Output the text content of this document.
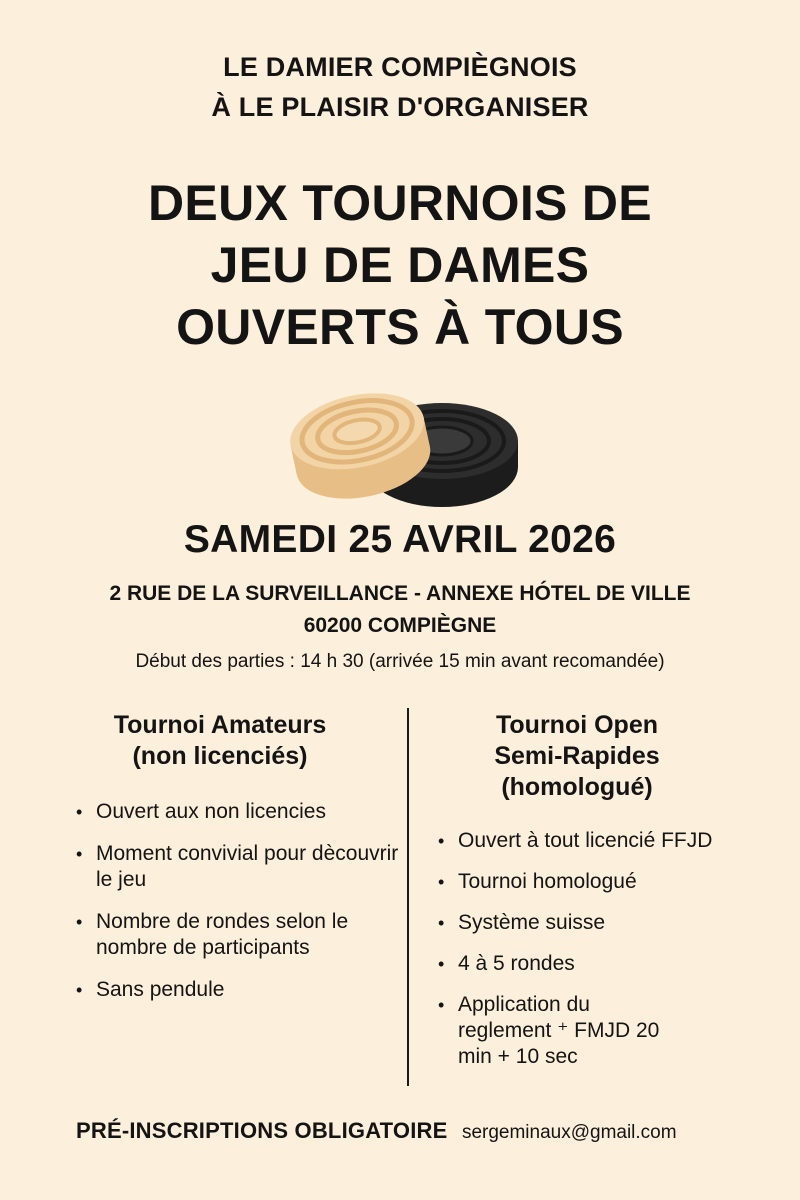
LE DAMIER COMPIÈGNOIS
À LE PLAISIR D'ORGANISER
DEUX TOURNOIS DE
JEU DE DAMES
OUVERTS À TOUS
SAMEDI 25 AVRIL 2026
2 RUE DE LA SURVEILLANCE - ANNEXE HÓTEL DE VILLE
60200 COMPIÈGNE
Début des parties : 14 h 30 (arrivée 15 min avant recomandée)
Tournoi Amateurs
(non licenciés)
• Ouvert aux non licencies
• Moment convivial pour dècouvrir le jeu
• Nombre de rondes selon le nombre de participants
• Sans pendule
Tournoi Open
Semi-Rapides
(homologué)
• Ouvert à tout licencié FFJD
• Tournoi homologué
• Système suisse
• 4 à 5 rondes
• Application du reglement ⁺ FMJD 20 min + 10 sec
PRÉ-INSCRIPTIONS OBLIGATOIRE sergeminaux@gmail.com
